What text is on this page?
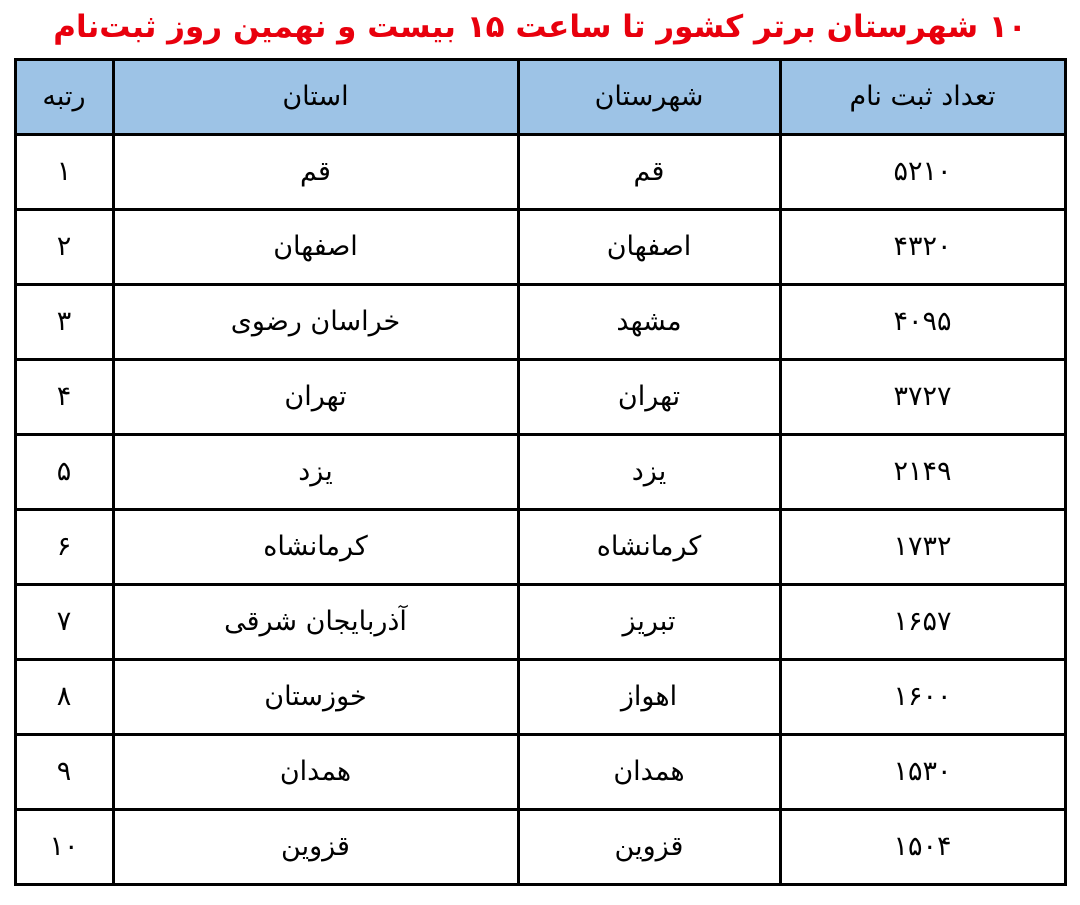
۱۰ شهرستان برتر کشور تا ساعت ۱۵ بیست و نهمین روز ثبت‌نام
تعداد ثبت نام	شهرستان	استان	رتبه
۵۲۱۰	قم	قم	۱
۴۳۲۰	اصفهان	اصفهان	۲
۴۰۹۵	مشهد	خراسان رضوی	۳
۳۷۲۷	تهران	تهران	۴
۲۱۴۹	یزد	یزد	۵
۱۷۳۲	کرمانشاه	کرمانشاه	۶
۱۶۵۷	تبریز	آذربایجان شرقی	۷
۱۶۰۰	اهواز	خوزستان	۸
۱۵۳۰	همدان	همدان	۹
۱۵۰۴	قزوین	قزوین	۱۰
